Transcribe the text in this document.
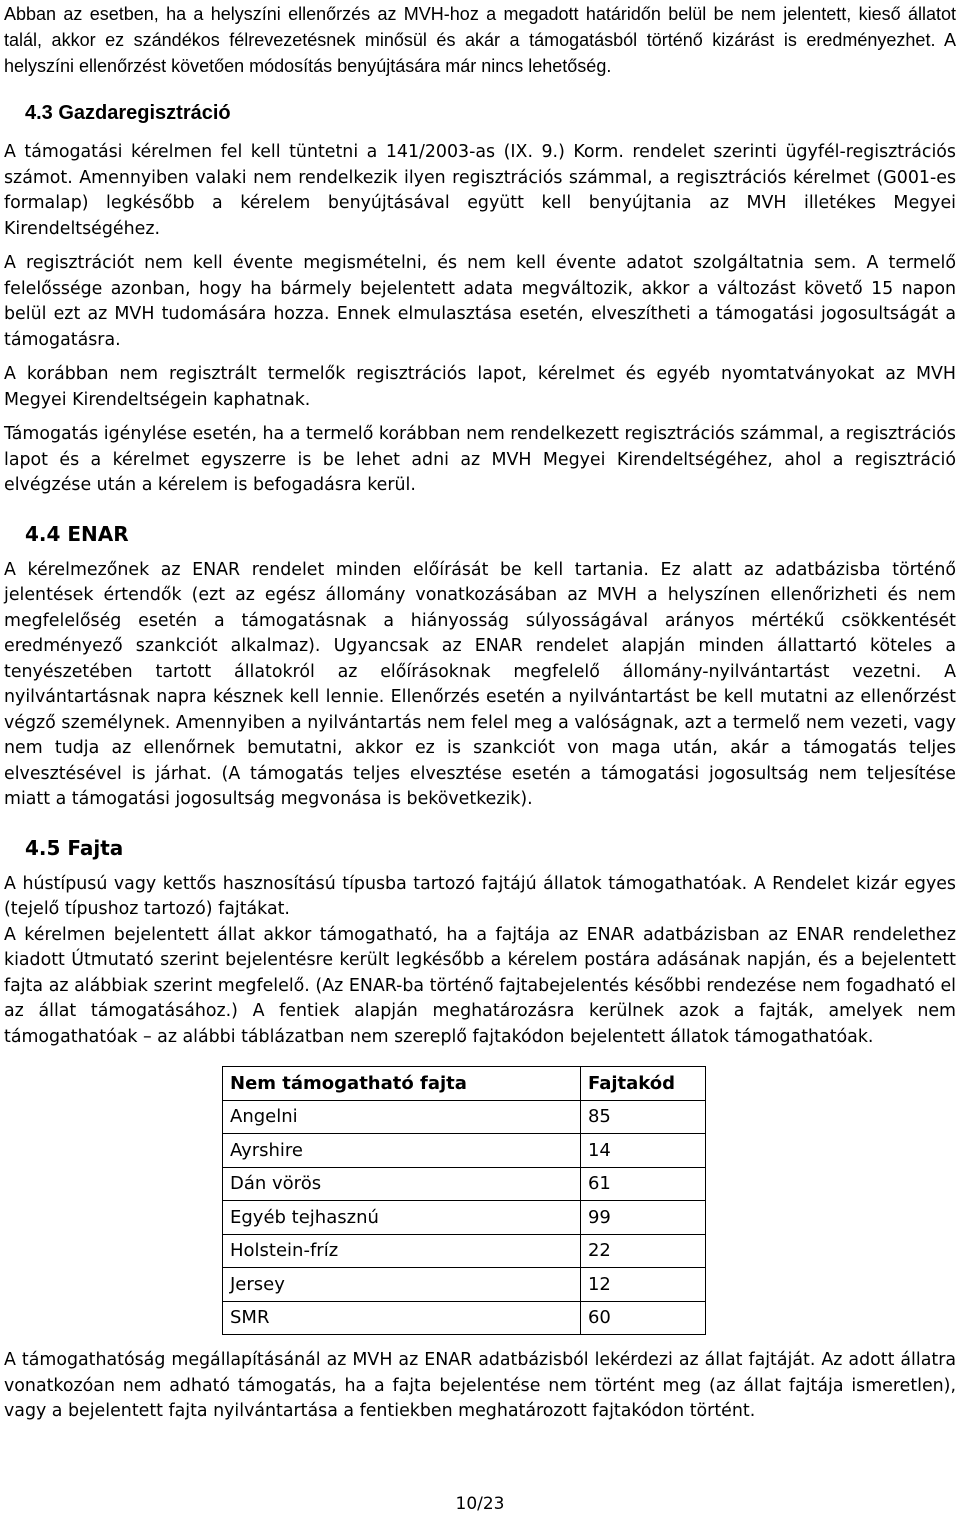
Abban az esetben, ha a helyszíni ellenőrzés az MVH-hoz a megadott határidőn belül be nem jelentett, kieső állatot talál, akkor ez szándékos félrevezetésnek minősül és akár a támogatásból történő kizárást is eredményezhet. A helyszíni ellenőrzést követően módosítás benyújtására már nincs lehetőség.

4.3 Gazdaregisztráció

A támogatási kérelmen fel kell tüntetni a 141/2003-as (IX. 9.) Korm. rendelet szerinti ügyfél-regisztrációs számot. Amennyiben valaki nem rendelkezik ilyen regisztrációs számmal, a regisztrációs kérelmet (G001-es formalap) legkésőbb a kérelem benyújtásával együtt kell benyújtania az MVH illetékes Megyei Kirendeltségéhez.

A regisztrációt nem kell évente megismételni, és nem kell évente adatot szolgáltatnia sem. A termelő felelőssége azonban, hogy ha bármely bejelentett adata megváltozik, akkor a változást követő 15 napon belül ezt az MVH tudomására hozza. Ennek elmulasztása esetén, elveszítheti a támogatási jogosultságát a támogatásra.

A korábban nem regisztrált termelők regisztrációs lapot, kérelmet és egyéb nyomtatványokat az MVH Megyei Kirendeltségein kaphatnak.

Támogatás igénylése esetén, ha a termelő korábban nem rendelkezett regisztrációs számmal, a regisztrációs lapot és a kérelmet egyszerre is be lehet adni az MVH Megyei Kirendeltségéhez, ahol a regisztráció elvégzése után a kérelem is befogadásra kerül.

4.4 ENAR

A kérelmezőnek az ENAR rendelet minden előírását be kell tartania. Ez alatt az adatbázisba történő jelentések értendők (ezt az egész állomány vonatkozásában az MVH a helyszínen ellenőrizheti és nem megfelelőség esetén a támogatásnak a hiányosság súlyosságával arányos mértékű csökkentését eredményező szankciót alkalmaz). Ugyancsak az ENAR rendelet alapján minden állattartó köteles a tenyészetében tartott állatokról az előírásoknak megfelelő állomány-nyilvántartást vezetni. A nyilvántartásnak napra késznek kell lennie. Ellenőrzés esetén a nyilvántartást be kell mutatni az ellenőrzést végző személynek. Amennyiben a nyilvántartás nem felel meg a valóságnak, azt a termelő nem vezeti, vagy nem tudja az ellenőrnek bemutatni, akkor ez is szankciót von maga után, akár a támogatás teljes elvesztésével is járhat. (A támogatás teljes elvesztése esetén a támogatási jogosultság nem teljesítése miatt a támogatási jogosultság megvonása is bekövetkezik).

4.5 Fajta

A hústípusú vagy kettős hasznosítású típusba tartozó fajtájú állatok támogathatóak. A Rendelet kizár egyes (tejelő típushoz tartozó) fajtákat.

A kérelmen bejelentett állat akkor támogatható, ha a fajtája az ENAR adatbázisban az ENAR rendelethez kiadott Útmutató szerint bejelentésre került legkésőbb a kérelem postára adásának napján, és a bejelentett fajta az alábbiak szerint megfelelő. (Az ENAR-ba történő fajtabejelentés későbbi rendezése nem fogadható el az állat támogatásához.) A fentiek alapján meghatározásra kerülnek azok a fajták, amelyek nem támogathatóak – az alábbi táblázatban nem szereplő fajtakódon bejelentett állatok támogathatóak.

Nem támogatható fajta	Fajtakód
Angelni	85
Ayrshire	14
Dán vörös	61
Egyéb tejhasznú	99
Holstein-fríz	22
Jersey	12
SMR	60

A támogathatóság megállapításánál az MVH az ENAR adatbázisból lekérdezi az állat fajtáját. Az adott állatra vonatkozóan nem adható támogatás, ha a fajta bejelentése nem történt meg (az állat fajtája ismeretlen), vagy a bejelentett fajta nyilvántartása a fentiekben meghatározott fajtakódon történt.

10/23
